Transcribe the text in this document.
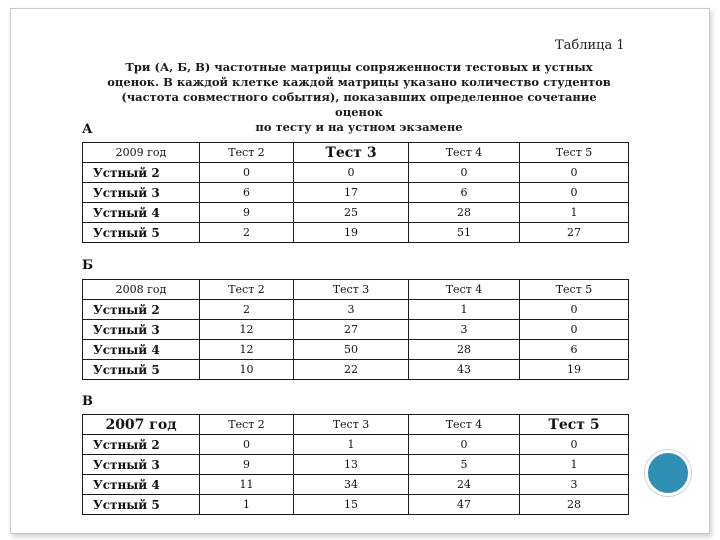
Таблица 1
Три (А, Б, В) частотные матрицы сопряженности тестовых и устных
оценок. В каждой клетке каждой матрицы указано количество студентов
(частота совместного события), показавших определенное сочетание оценок
по тесту и на устном экзамене
А
2009 год	Тест 2	Тест 3	Тест 4	Тест 5
Устный 2	0	0	0	0
Устный 3	6	17	6	0
Устный 4	9	25	28	1
Устный 5	2	19	51	27
Б
2008 год	Тест 2	Тест 3	Тест 4	Тест 5
Устный 2	2	3	1	0
Устный 3	12	27	3	0
Устный 4	12	50	28	6
Устный 5	10	22	43	19
В
2007 год	Тест 2	Тест 3	Тест 4	Тест 5
Устный 2	0	1	0	0
Устный 3	9	13	5	1
Устный 4	11	34	24	3
Устный 5	1	15	47	28
